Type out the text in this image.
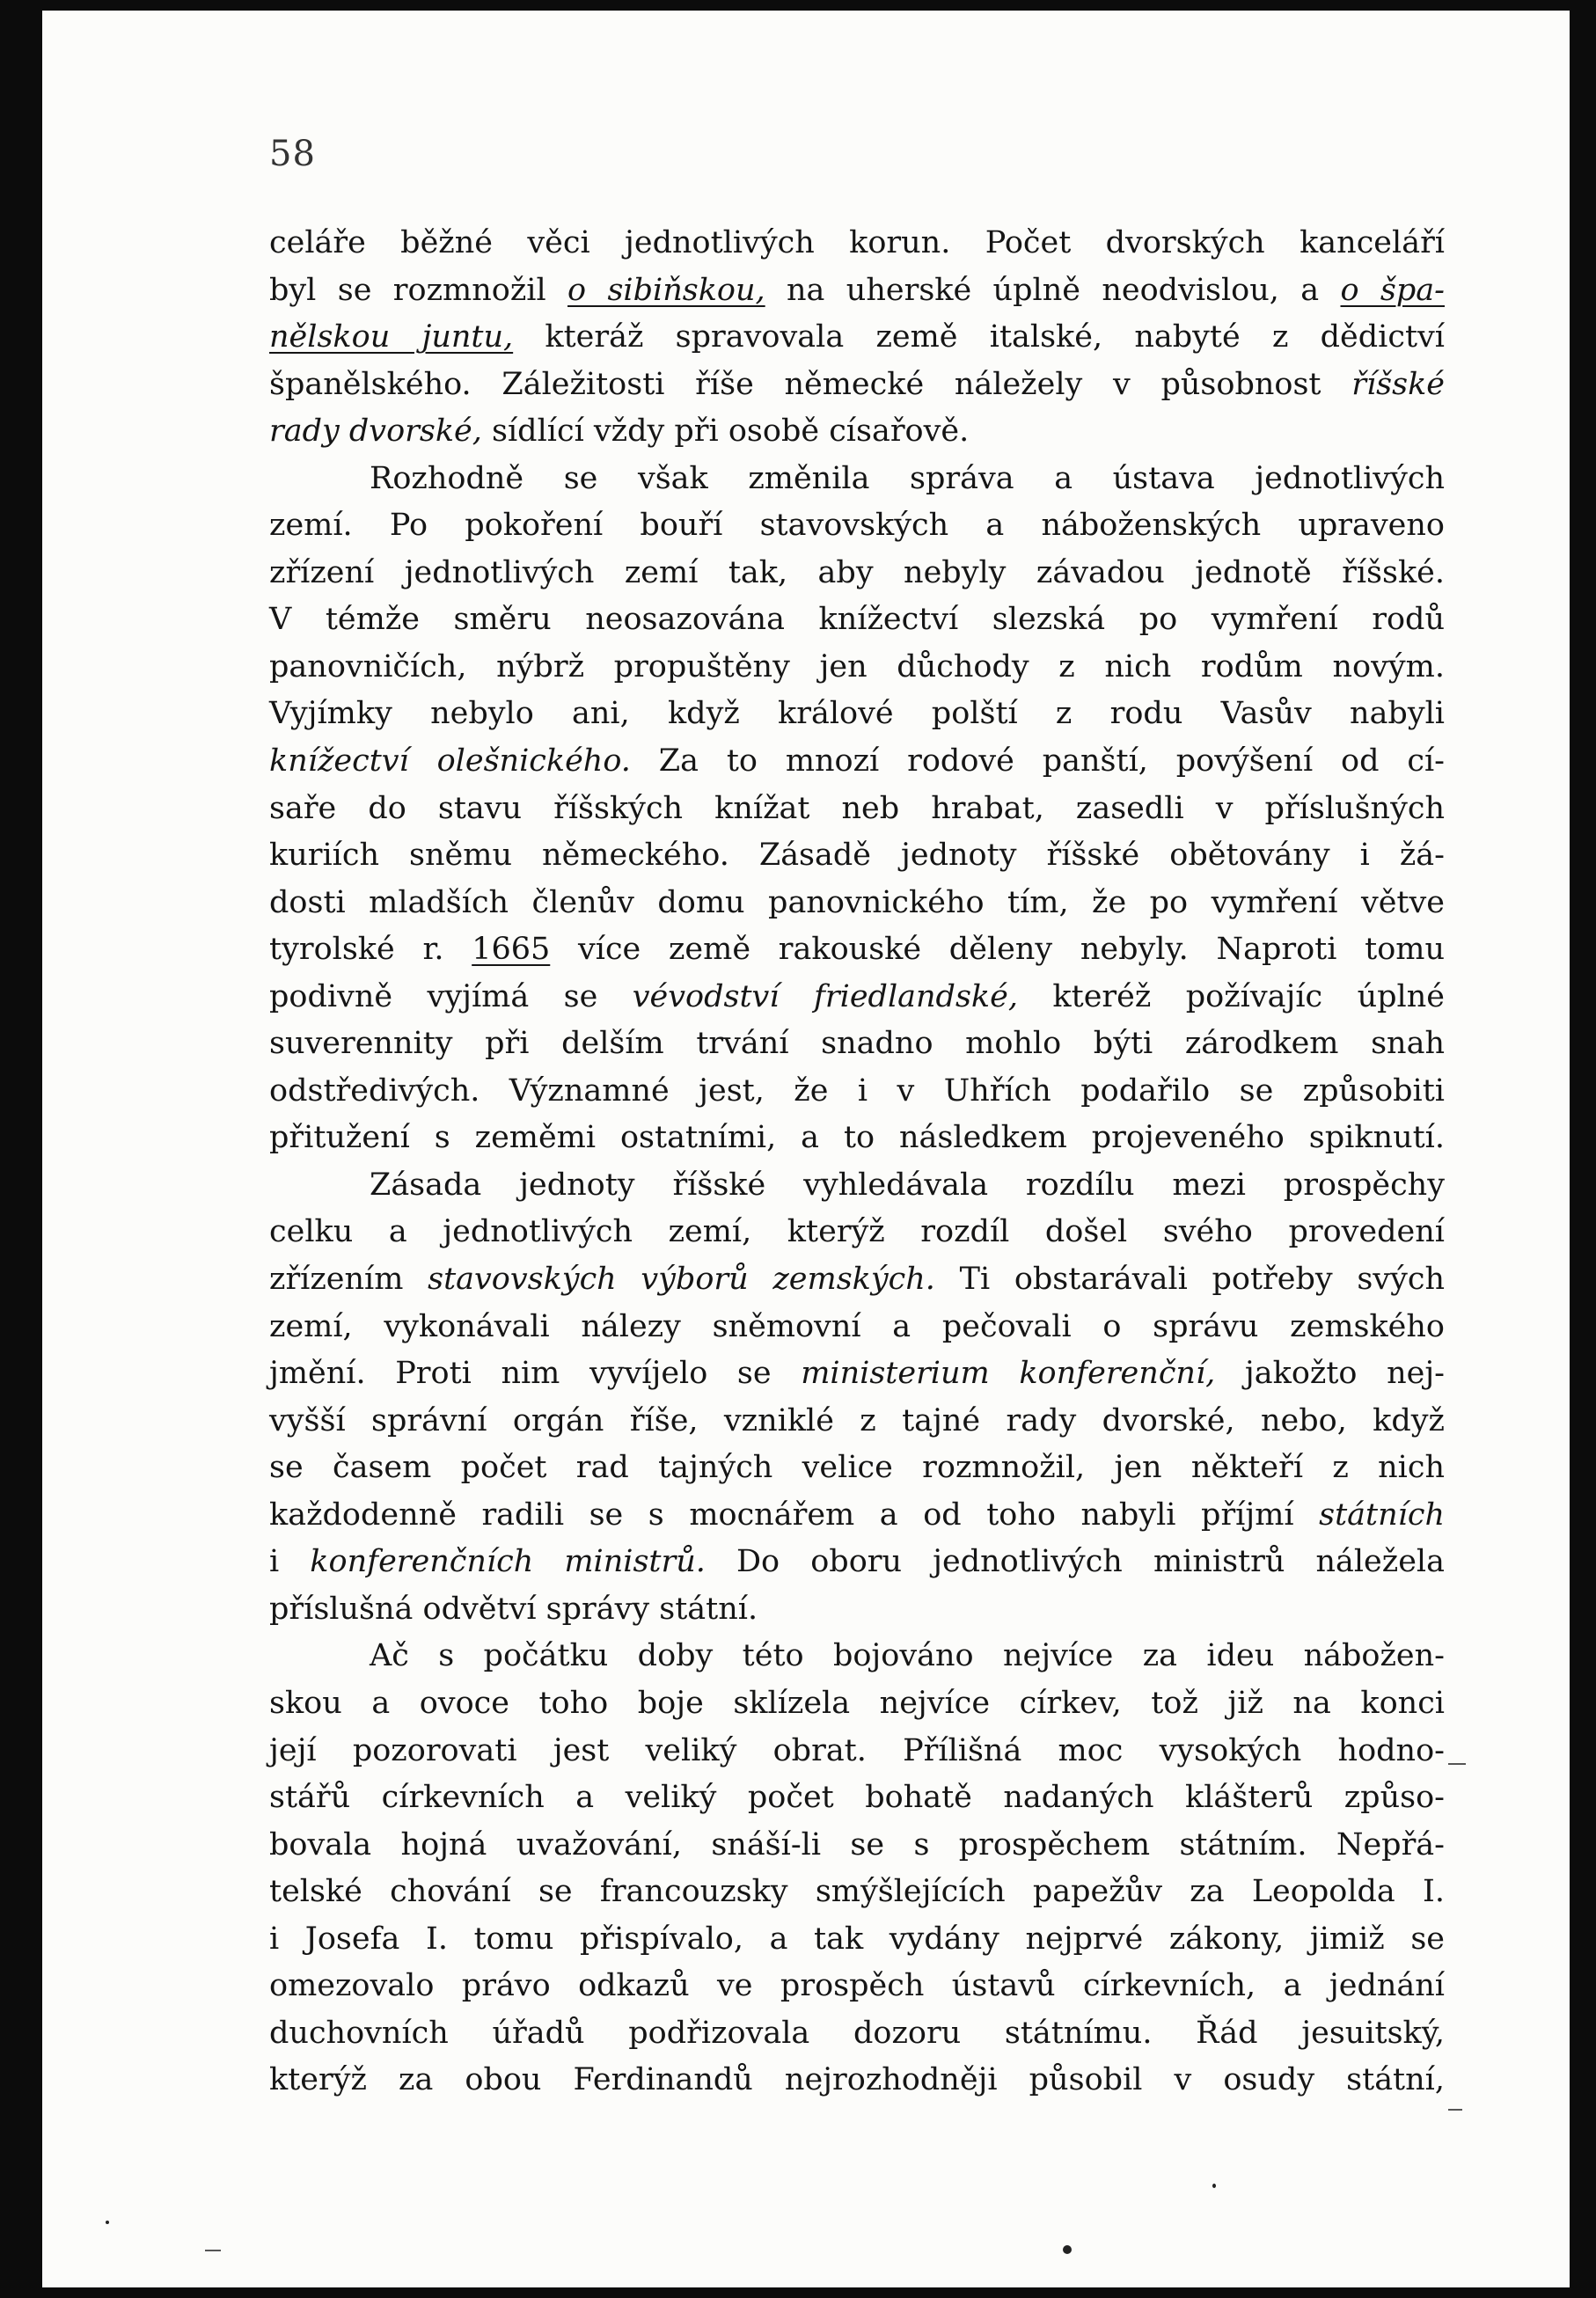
58
celáře běžné věci jednotlivých korun. Počet dvorských kanceláří
byl se rozmnožil o sibiňskou, na uherské úplně neodvislou, a o špa-
nělskou juntu, kteráž spravovala země italské, nabyté z dědictví
španělského. Záležitosti říše německé náležely v působnost říšské
rady dvorské, sídlící vždy při osobě císařově.
Rozhodně se však změnila správa a ústava jednotlivých
zemí. Po pokoření bouří stavovských a náboženských upraveno
zřízení jednotlivých zemí tak, aby nebyly závadou jednotě říšské.
V témže směru neosazována knížectví slezská po vymření rodů
panovničích, nýbrž propuštěny jen důchody z nich rodům novým.
Vyjímky nebylo ani, když králové polští z rodu Vasův nabyli
knížectví olešnického. Za to mnozí rodové panští, povýšení od cí-
saře do stavu říšských knížat neb hrabat, zasedli v příslušných
kuriích sněmu německého. Zásadě jednoty říšské obětovány i žá-
dosti mladších členův domu panovnického tím, že po vymření větve
tyrolské r. 1665 více země rakouské děleny nebyly. Naproti tomu
podivně vyjímá se vévodství friedlandské, kteréž požívajíc úplné
suverennity při delším trvání snadno mohlo býti zárodkem snah
odstředivých. Významné jest, že i v Uhřích podařilo se způsobiti
přitužení s zeměmi ostatními, a to následkem projeveného spiknutí.
Zásada jednoty říšské vyhledávala rozdílu mezi prospěchy
celku a jednotlivých zemí, kterýž rozdíl došel svého provedení
zřízením stavovských výborů zemských. Ti obstarávali potřeby svých
zemí, vykonávali nálezy sněmovní a pečovali o správu zemského
jmění. Proti nim vyvíjelo se ministerium konferenční, jakožto nej-
vyšší správní orgán říše, vzniklé z tajné rady dvorské, nebo, když
se časem počet rad tajných velice rozmnožil, jen někteří z nich
každodenně radili se s mocnářem a od toho nabyli příjmí státních
i konferenčních ministrů. Do oboru jednotlivých ministrů náležela
příslušná odvětví správy státní.
Ač s počátku doby této bojováno nejvíce za ideu nábožen-
skou a ovoce toho boje sklízela nejvíce církev, tož již na konci
její pozorovati jest veliký obrat. Přílišná moc vysokých hodno-
stářů církevních a veliký počet bohatě nadaných klášterů způso-
bovala hojná uvažování, snáší-li se s prospěchem státním. Nepřá-
telské chování se francouzsky smýšlejících papežův za Leopolda I.
i Josefa I. tomu přispívalo, a tak vydány nejprvé zákony, jimiž se
omezovalo právo odkazů ve prospěch ústavů církevních, a jednání
duchovních úřadů podřizovala dozoru státnímu. Řád jesuitský,
kterýž za obou Ferdinandů nejrozhodněji působil v osudy státní,
